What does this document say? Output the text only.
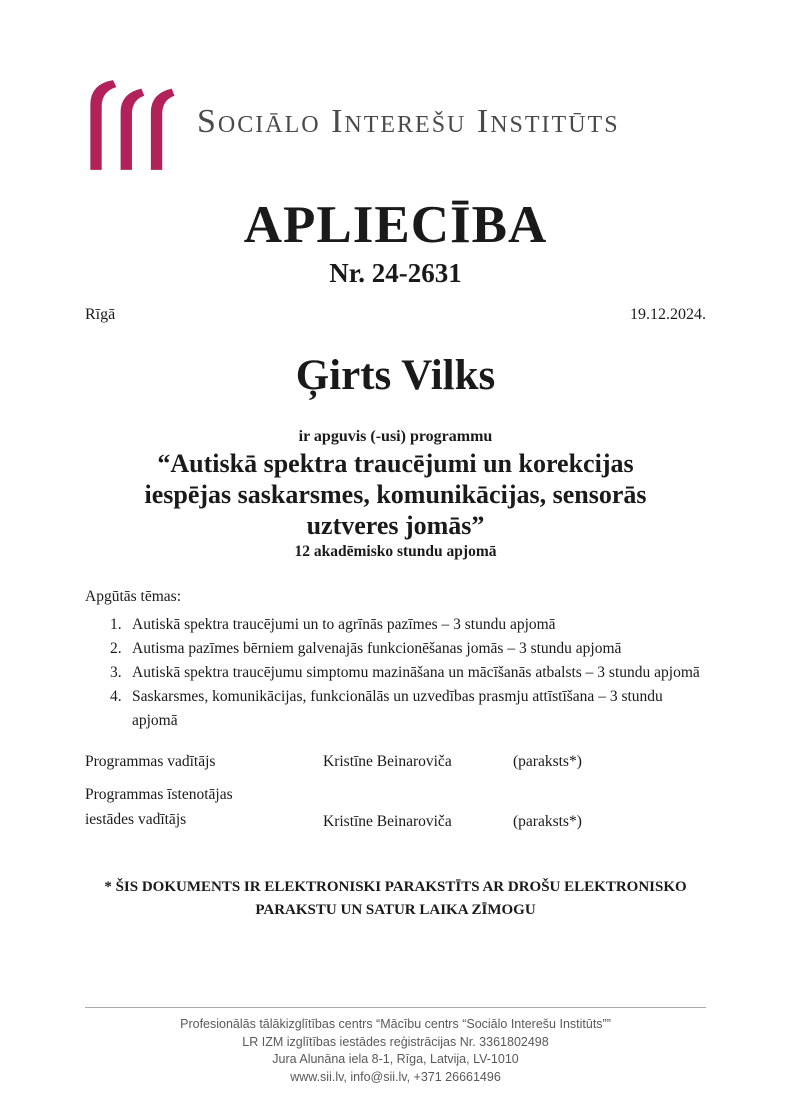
Sociālo Interešu Institūts
APLIECĪBA
Nr. 24-2631
Rīgā	19.12.2024.
Ģirts Vilks
ir apguvis (-usi) programmu
“Autiskā spektra traucējumi un korekcijas
iespējas saskarsmes, komunikācijas, sensorās
uztveres jomās”
12 akadēmisko stundu apjomā
Apgūtās tēmas:
1. Autiskā spektra traucējumi un to agrīnās pazīmes – 3 stundu apjomā
2. Autisma pazīmes bērniem galvenajās funkcionēšanas jomās – 3 stundu apjomā
3. Autiskā spektra traucējumu simptomu mazināšana un mācīšanās atbalsts – 3 stundu apjomā
4. Saskarsmes, komunikācijas, funkcionālās un uzvedības prasmju attīstīšana – 3 stundu apjomā
Programmas vadītājs	Kristīne Beinaroviča	(paraksts*)
Programmas īstenotājas
iestādes vadītājs	Kristīne Beinaroviča	(paraksts*)
* ŠIS DOKUMENTS IR ELEKTRONISKI PARAKSTĪTS AR DROŠU ELEKTRONISKO
PARAKSTU UN SATUR LAIKA ZĪMOGU
Profesionālās tālākizglītības centrs “Mācību centrs “Sociālo Interešu Institūts””
LR IZM izglītības iestādes reģistrācijas Nr. 3361802498
Jura Alunāna iela 8-1, Rīga, Latvija, LV-1010
www.sii.lv, info@sii.lv, +371 26661496
